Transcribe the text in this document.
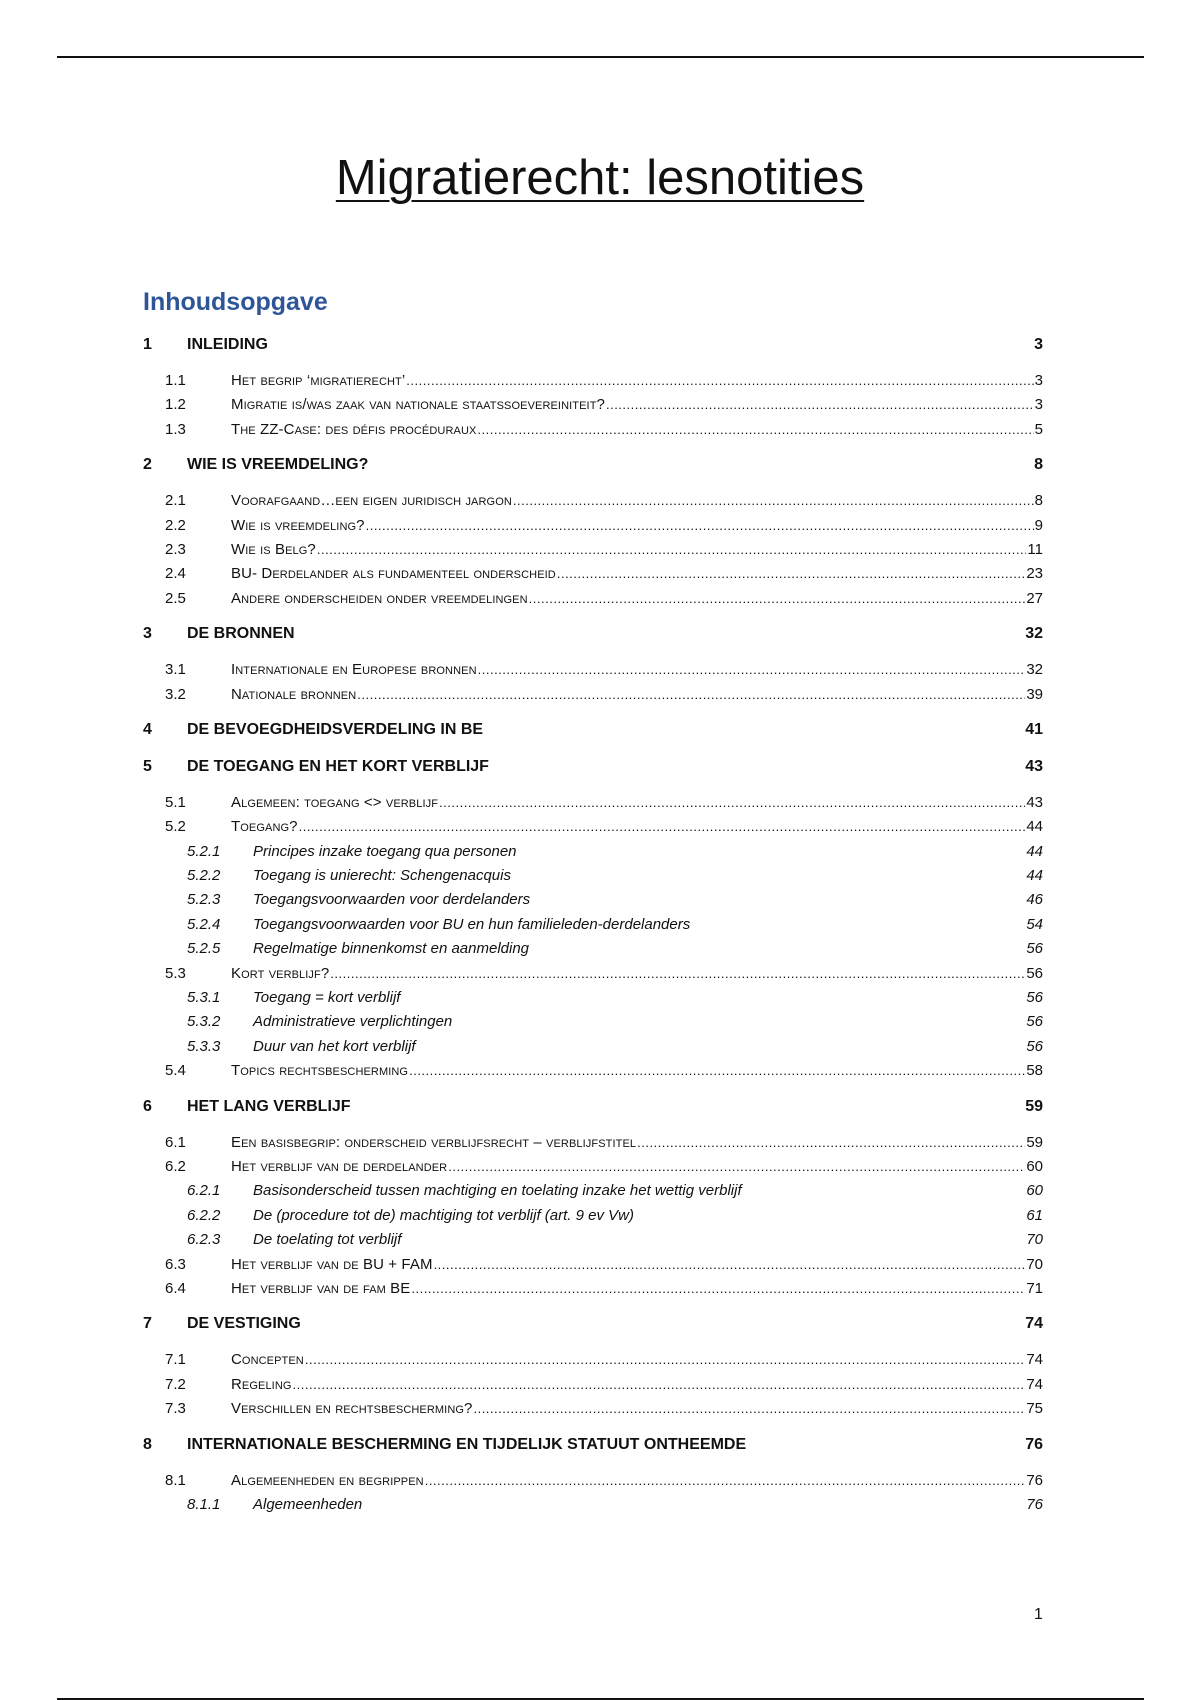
Migratierecht: lesnotities
Inhoudsopgave
1	INLEIDING	3
1.1	Het begrip ‘migratierecht’ .....	3
1.2	Migratie is/was zaak van nationale staatssoevereiniteit? .....	3
1.3	The ZZ-Case: des défis procéduraux .....	5
2	WIE IS VREEMDELING?	8
2.1	Voorafgaand…een eigen juridisch jargon .....	8
2.2	Wie is vreemdeling? .....	9
2.3	Wie is Belg? .....	11
2.4	BU- Derdelander als fundamenteel onderscheid .....	23
2.5	Andere onderscheiden onder vreemdelingen .....	27
3	DE BRONNEN	32
3.1	Internationale en Europese bronnen .....	32
3.2	Nationale bronnen .....	39
4	DE BEVOEGDHEIDSVERDELING IN BE	41
5	DE TOEGANG EN HET KORT VERBLIJF	43
5.1	Algemeen: toegang <> verblijf .....	43
5.2	Toegang? .....	44
5.2.1	Principes inzake toegang qua personen	44
5.2.2	Toegang is unierecht: Schengenacquis	44
5.2.3	Toegangsvoorwaarden voor derdelanders	46
5.2.4	Toegangsvoorwaarden voor BU en hun familieleden-derdelanders	54
5.2.5	Regelmatige binnenkomst en aanmelding	56
5.3	Kort verblijf? .....	56
5.3.1	Toegang = kort verblijf	56
5.3.2	Administratieve verplichtingen	56
5.3.3	Duur van het kort verblijf	56
5.4	Topics rechtsbescherming .....	58
6	HET LANG VERBLIJF	59
6.1	Een basisbegrip: onderscheid verblijfsrecht – verblijfstitel .....	59
6.2	Het verblijf van de derdelander .....	60
6.2.1	Basisonderscheid tussen machtiging en toelating inzake het wettig verblijf	60
6.2.2	De (procedure tot de) machtiging tot verblijf (art. 9 ev Vw)	61
6.2.3	De toelating tot verblijf	70
6.3	Het verblijf van de BU + FAM .....	70
6.4	Het verblijf van de fam BE .....	71
7	DE VESTIGING	74
7.1	Concepten .....	74
7.2	Regeling .....	74
7.3	Verschillen en rechtsbescherming? .....	75
8	INTERNATIONALE BESCHERMING EN TIJDELIJK STATUUT ONTHEEMDE	76
8.1	Algemeenheden en begrippen .....	76
8.1.1	Algemeenheden	76
1
